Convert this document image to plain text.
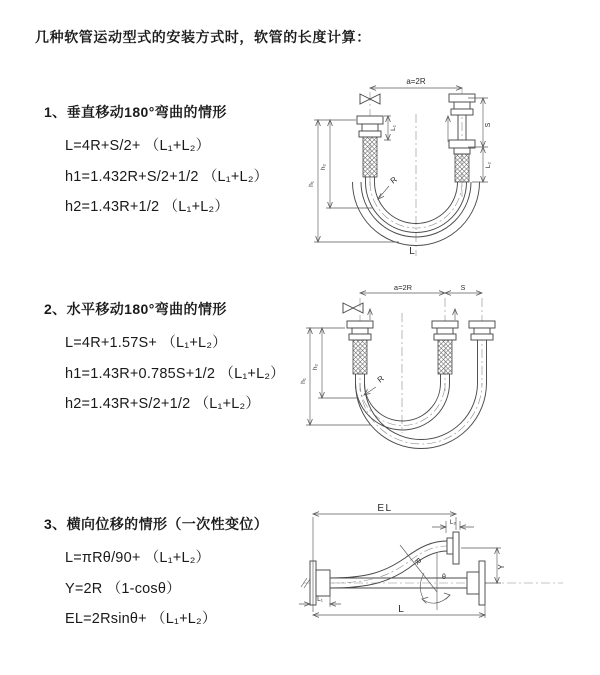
几种软管运动型式的安装方式时，软管的长度计算：
1、垂直移动180°弯曲的情形
L=4R+S/2+ （L₁+L₂）
h1=1.432R+S/2+1/2 （L₁+L₂）
h2=1.43R+1/2 （L₁+L₂）
2、水平移动180°弯曲的情形
L=4R+1.57S+ （L₁+L₂）
h1=1.43R+0.785S+1/2 （L₁+L₂）
h2=1.43R+S/2+1/2 （L₁+L₂）
3、横向位移的情形（一次性变位）
L=πRθ/90+ （L₁+L₂）
Y=2R （1-cosθ）
EL=2Rsinθ+ （L₁+L₂）
a=2R
S
L₂
L₁
h₁
h₂
R
L
a=2R	S
h₁
h₂
R
EL
L₂
Y
R
θ
L₁
L
